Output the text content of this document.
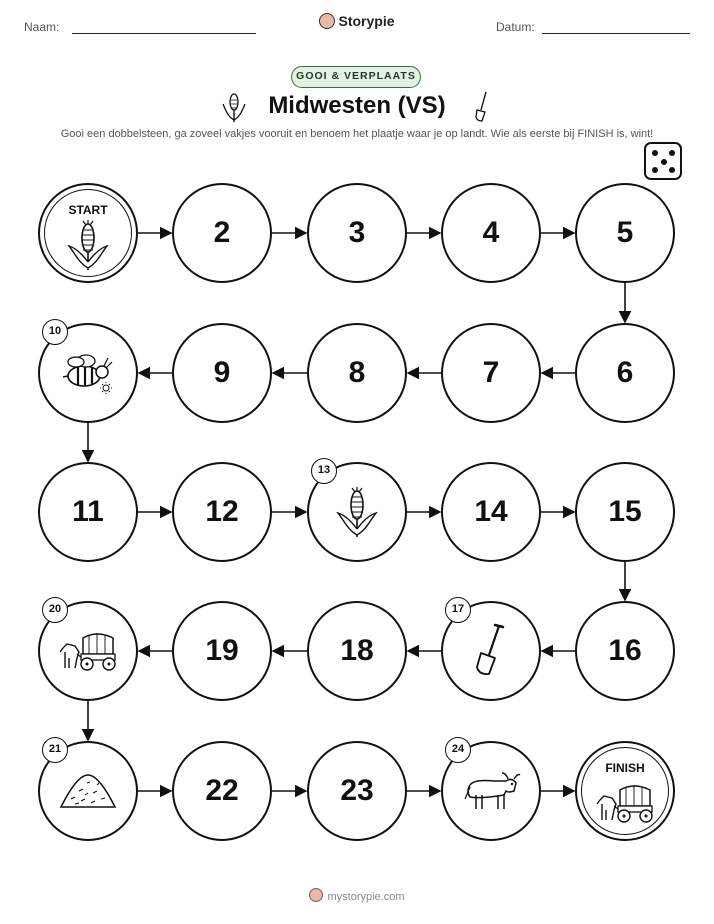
Naam:	Storypie	Datum:
GOOI & VERPLAATS
Midwesten (VS)
Gooi een dobbelsteen, ga zoveel vakjes vooruit en benoem het plaatje waar je op landt. Wie als eerste bij FINISH is, wint!
START
2	3	4	5
6
7
8
9
10
11	12
13
14	15
16
17
18
19
20
21
22	23
24
FINISH
mystorypie.com
